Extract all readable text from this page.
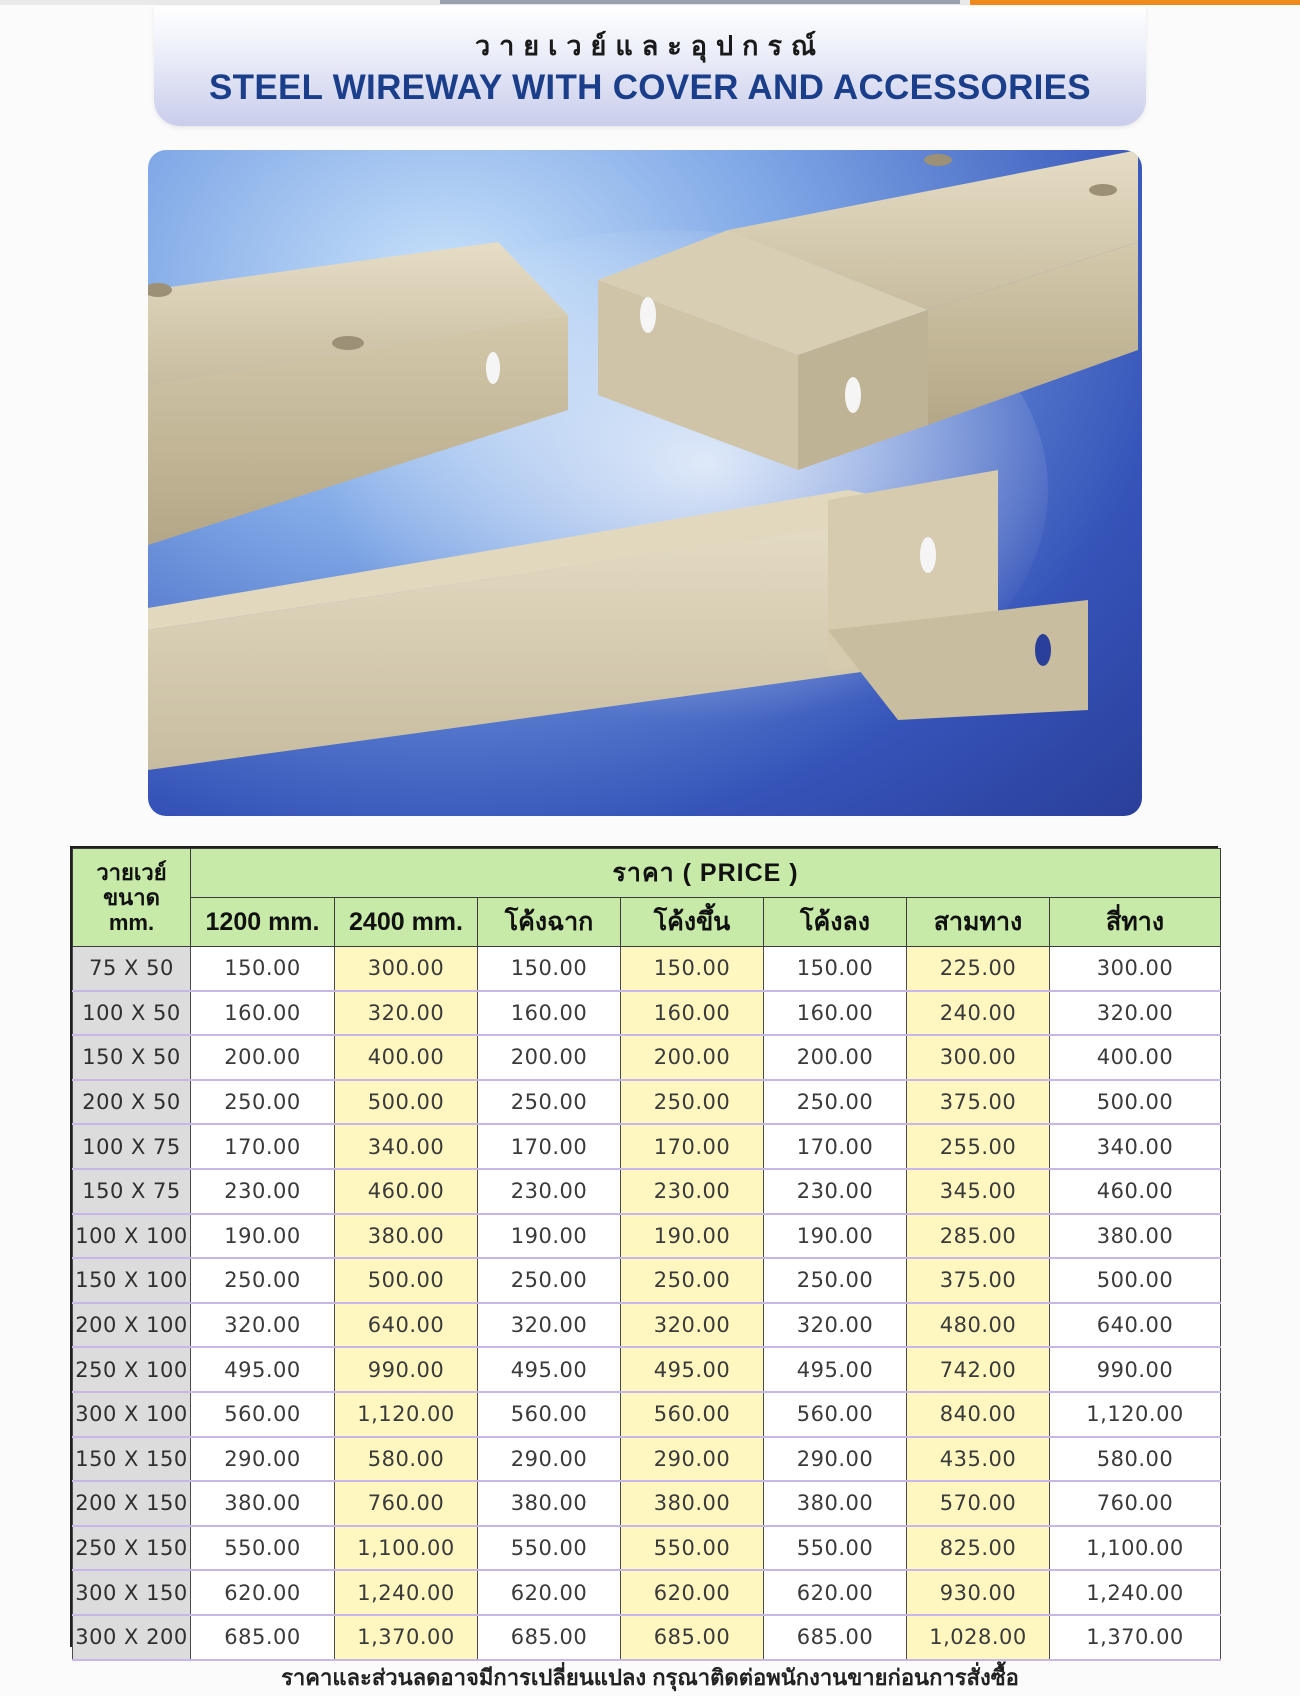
วายเวย์และอุปกรณ์
STEEL WIREWAY WITH COVER AND ACCESSORIES
วายเวย์
ขนาด
mm.	ราคา ( PRICE )						
	1200 mm.	2400 mm.	โค้งฉาก	โค้งขึ้น	โค้งลง	สามทาง	สี่ทาง
75 X 50	150.00	300.00	150.00	150.00	150.00	225.00	300.00
100 X 50	160.00	320.00	160.00	160.00	160.00	240.00	320.00
150 X 50	200.00	400.00	200.00	200.00	200.00	300.00	400.00
200 X 50	250.00	500.00	250.00	250.00	250.00	375.00	500.00
100 X 75	170.00	340.00	170.00	170.00	170.00	255.00	340.00
150 X 75	230.00	460.00	230.00	230.00	230.00	345.00	460.00
100 X 100	190.00	380.00	190.00	190.00	190.00	285.00	380.00
150 X 100	250.00	500.00	250.00	250.00	250.00	375.00	500.00
200 X 100	320.00	640.00	320.00	320.00	320.00	480.00	640.00
250 X 100	495.00	990.00	495.00	495.00	495.00	742.00	990.00
300 X 100	560.00	1,120.00	560.00	560.00	560.00	840.00	1,120.00
150 X 150	290.00	580.00	290.00	290.00	290.00	435.00	580.00
200 X 150	380.00	760.00	380.00	380.00	380.00	570.00	760.00
250 X 150	550.00	1,100.00	550.00	550.00	550.00	825.00	1,100.00
300 X 150	620.00	1,240.00	620.00	620.00	620.00	930.00	1,240.00
300 X 200	685.00	1,370.00	685.00	685.00	685.00	1,028.00	1,370.00
ราคาและส่วนลดอาจมีการเปลี่ยนแปลง กรุณาติดต่อพนักงานขายก่อนการสั่งซื้อ
